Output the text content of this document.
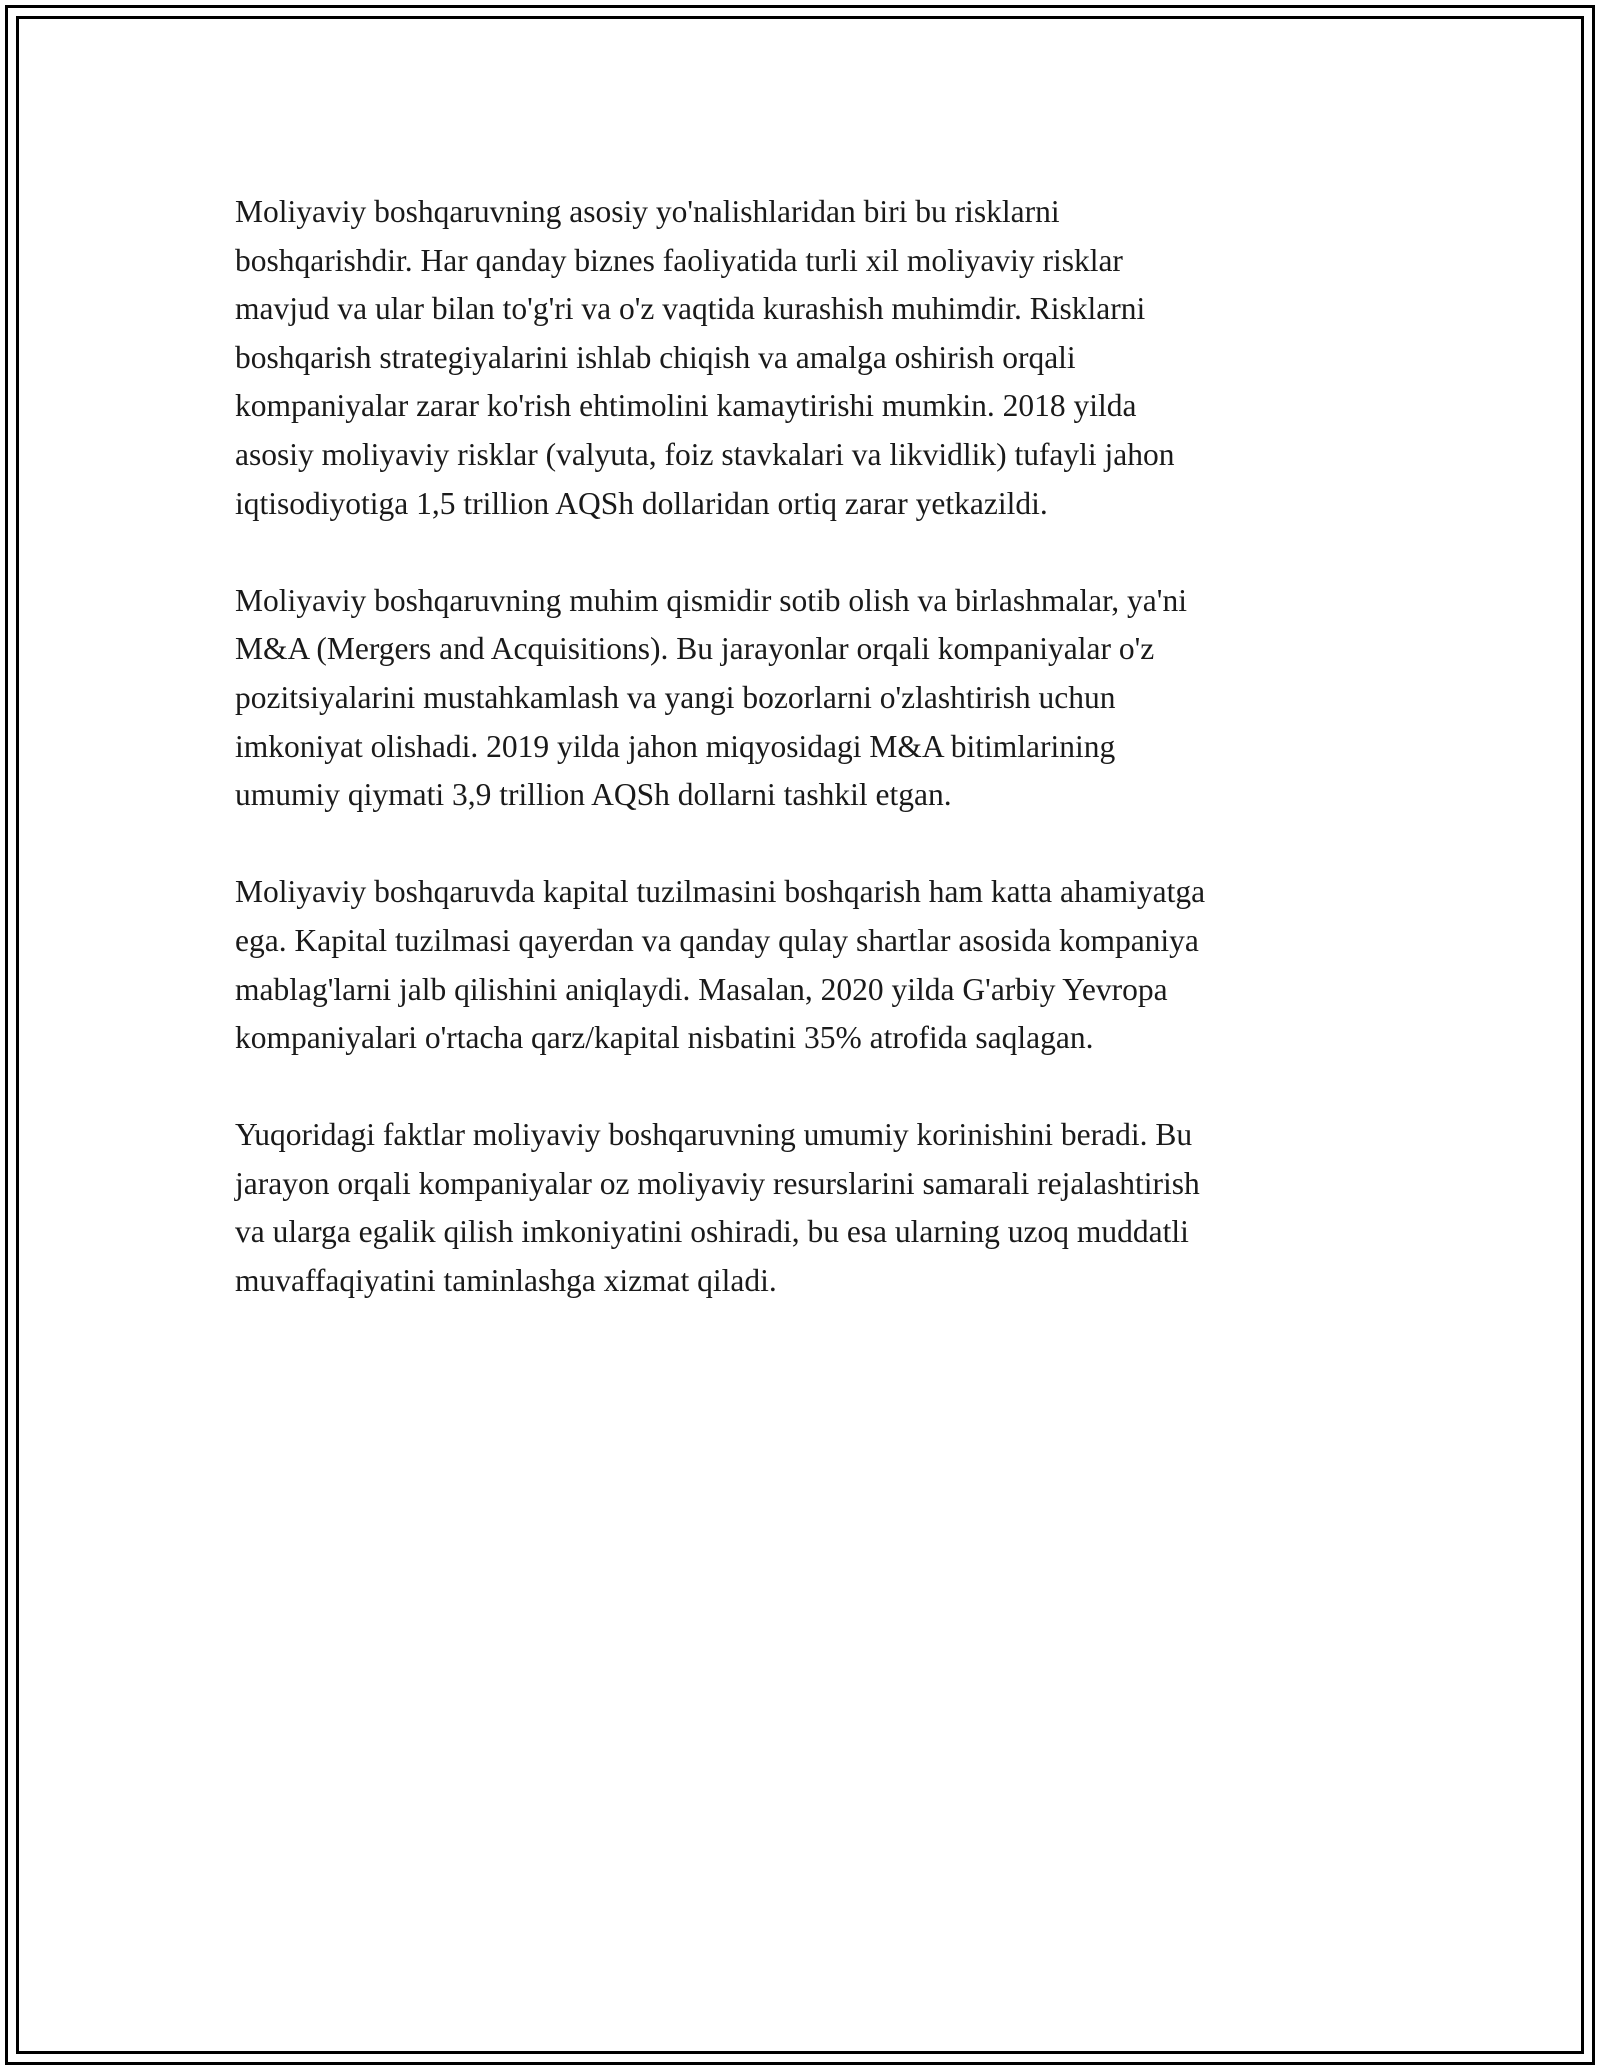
Moliyaviy boshqaruvning asosiy yo'nalishlaridan biri bu risklarni
boshqarishdir. Har qanday biznes faoliyatida turli xil moliyaviy risklar
mavjud va ular bilan to'g'ri va o'z vaqtida kurashish muhimdir. Risklarni
boshqarish strategiyalarini ishlab chiqish va amalga oshirish orqali
kompaniyalar zarar ko'rish ehtimolini kamaytirishi mumkin. 2018 yilda
asosiy moliyaviy risklar (valyuta, foiz stavkalari va likvidlik) tufayli jahon
iqtisodiyotiga 1,5 trillion AQSh dollaridan ortiq zarar yetkazildi.

Moliyaviy boshqaruvning muhim qismidir sotib olish va birlashmalar, ya'ni
M&A (Mergers and Acquisitions). Bu jarayonlar orqali kompaniyalar o'z
pozitsiyalarini mustahkamlash va yangi bozorlarni o'zlashtirish uchun
imkoniyat olishadi. 2019 yilda jahon miqyosidagi M&A bitimlarining
umumiy qiymati 3,9 trillion AQSh dollarni tashkil etgan.

Moliyaviy boshqaruvda kapital tuzilmasini boshqarish ham katta ahamiyatga
ega. Kapital tuzilmasi qayerdan va qanday qulay shartlar asosida kompaniya
mablag'larni jalb qilishini aniqlaydi. Masalan, 2020 yilda G'arbiy Yevropa
kompaniyalari o'rtacha qarz/kapital nisbatini 35% atrofida saqlagan.

Yuqoridagi faktlar moliyaviy boshqaruvning umumiy korinishini beradi. Bu
jarayon orqali kompaniyalar oz moliyaviy resurslarini samarali rejalashtirish
va ularga egalik qilish imkoniyatini oshiradi, bu esa ularning uzoq muddatli
muvaffaqiyatini taminlashga xizmat qiladi.
